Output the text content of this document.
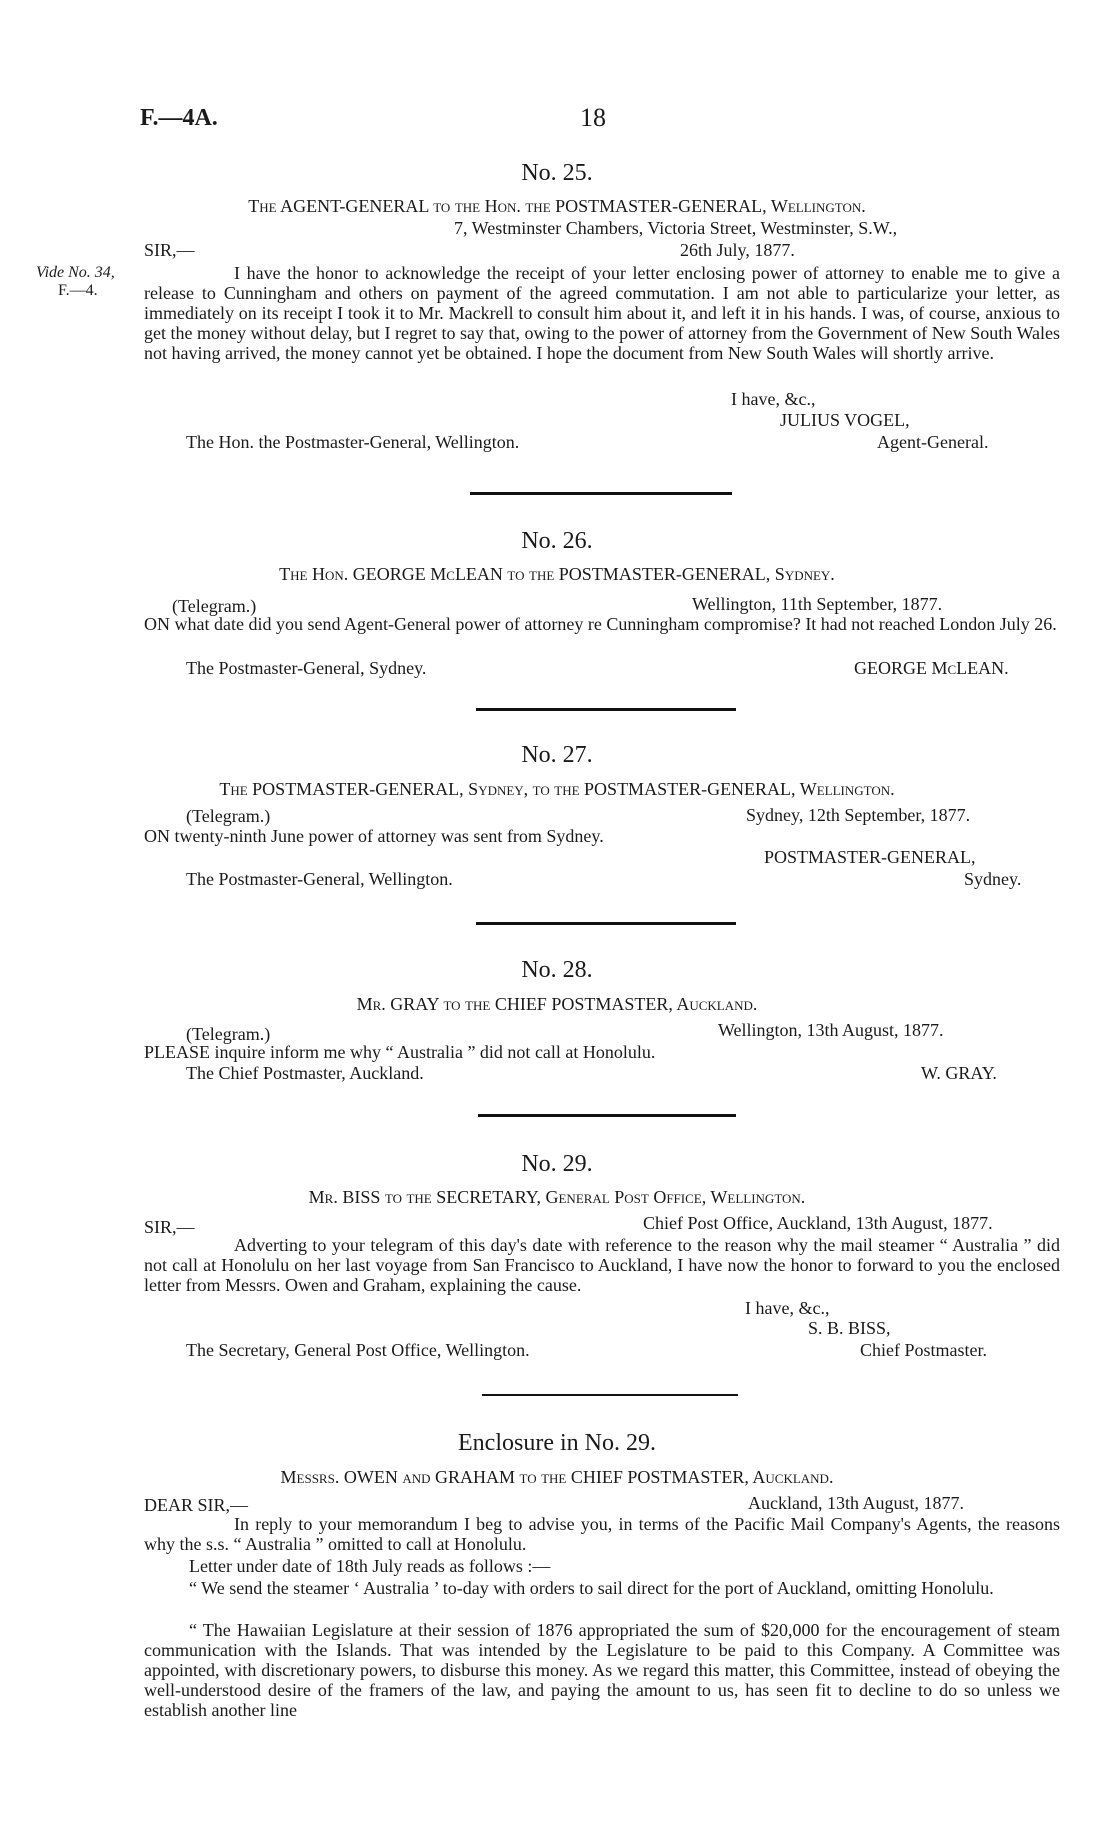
F.—4A.	18
No. 25.
The AGENT-GENERAL to the Hon. the POSTMASTER-GENERAL, Wellington.
7, Westminster Chambers, Victoria Street, Westminster, S.W.,
SIR,—	26th July, 1877.
Vide No. 34,
F.—4.

I have the honor to acknowledge the receipt of your letter enclosing power of attorney to enable me to give a release to Cunningham and others on payment of the agreed commutation. I am not able to particularize your letter, as immediately on its receipt I took it to Mr. Mackrell to consult him about it, and left it in his hands. I was, of course, anxious to get the money without delay, but I regret to say that, owing to the power of attorney from the Government of New South Wales not having arrived, the money cannot yet be obtained. I hope the document from New South Wales will shortly arrive.

I have, &c.,
JULIUS VOGEL,
The Hon. the Postmaster-General, Wellington.	Agent-General.
No. 26.
The Hon. GEORGE McLEAN to the POSTMASTER-GENERAL, Sydney.
(Telegram.)	Wellington, 11th September, 1877.

ON what date did you send Agent-General power of attorney re Cunningham compromise? It had not reached London July 26.

The Postmaster-General, Sydney.	GEORGE McLEAN.
No. 27.
The POSTMASTER-GENERAL, Sydney, to the POSTMASTER-GENERAL, Wellington.
(Telegram.)	Sydney, 12th September, 1877.
ON twenty-ninth June power of attorney was sent from Sydney.
POSTMASTER-GENERAL,
The Postmaster-General, Wellington.	Sydney.
No. 28.
Mr. GRAY to the CHIEF POSTMASTER, Auckland.
(Telegram.)	Wellington, 13th August, 1877.
PLEASE inquire inform me why “ Australia ” did not call at Honolulu.
The Chief Postmaster, Auckland.	W. GRAY.
No. 29.
Mr. BISS to the SECRETARY, General Post Office, Wellington.
SIR,—	Chief Post Office, Auckland, 13th August, 1877.

Adverting to your telegram of this day's date with reference to the reason why the mail steamer “ Australia ” did not call at Honolulu on her last voyage from San Francisco to Auckland, I have now the honor to forward to you the enclosed letter from Messrs. Owen and Graham, explaining the cause.

I have, &c.,
S. B. BISS,
The Secretary, General Post Office, Wellington.	Chief Postmaster.
Enclosure in No. 29.
Messrs. OWEN and GRAHAM to the CHIEF POSTMASTER, Auckland.
DEAR SIR,—	Auckland, 13th August, 1877.

In reply to your memorandum I beg to advise you, in terms of the Pacific Mail Company's Agents, the reasons why the s.s. “ Australia ” omitted to call at Honolulu.

Letter under date of 18th July reads as follows :—

“ We send the steamer ‘ Australia ’ to-day with orders to sail direct for the port of Auckland, omitting Honolulu.

“ The Hawaiian Legislature at their session of 1876 appropriated the sum of $20,000 for the encouragement of steam communication with the Islands. That was intended by the Legislature to be paid to this Company. A Committee was appointed, with discretionary powers, to disburse this money. As we regard this matter, this Committee, instead of obeying the well-understood desire of the framers of the law, and paying the amount to us, has seen fit to decline to do so unless we establish another line
